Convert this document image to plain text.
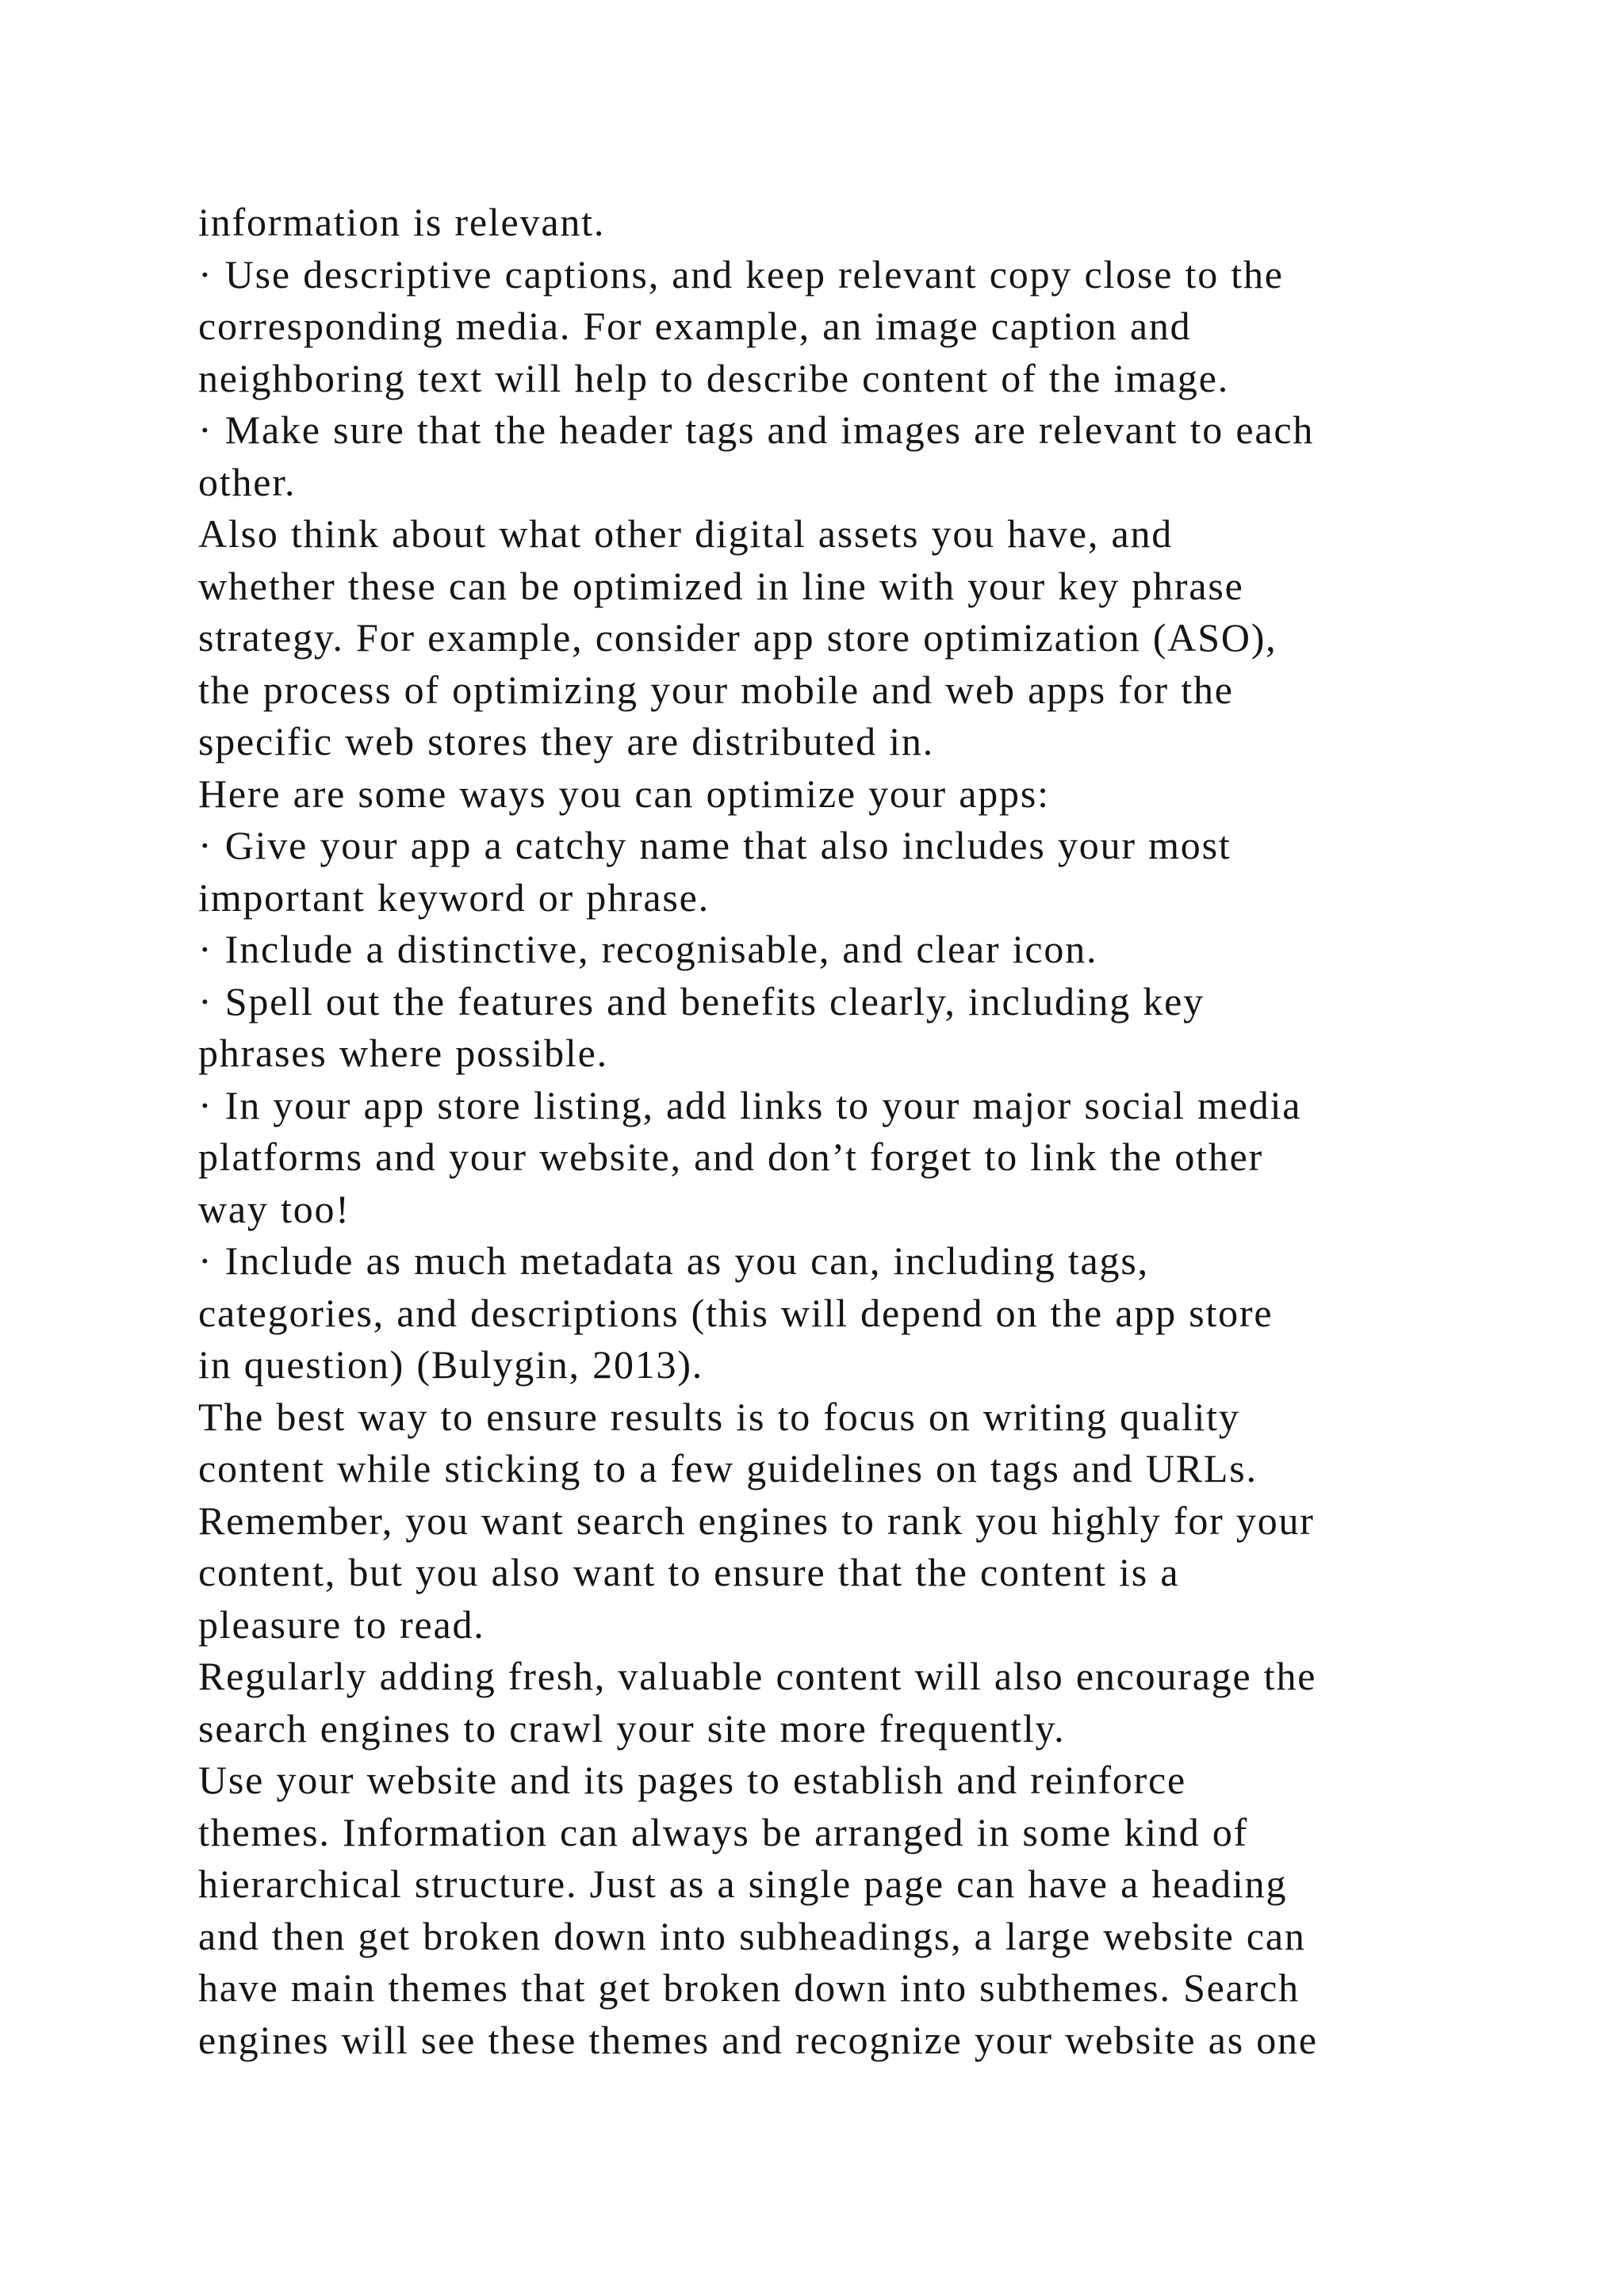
information is relevant.
· Use descriptive captions, and keep relevant copy close to the
corresponding media. For example, an image caption and
neighboring text will help to describe content of the image.
· Make sure that the header tags and images are relevant to each
other.
Also think about what other digital assets you have, and
whether these can be optimized in line with your key phrase
strategy. For example, consider app store optimization (ASO),
the process of optimizing your mobile and web apps for the
specific web stores they are distributed in.
Here are some ways you can optimize your apps:
· Give your app a catchy name that also includes your most
important keyword or phrase.
· Include a distinctive, recognisable, and clear icon.
· Spell out the features and benefits clearly, including key
phrases where possible.
· In your app store listing, add links to your major social media
platforms and your website, and don’t forget to link the other
way too!
· Include as much metadata as you can, including tags,
categories, and descriptions (this will depend on the app store
in question) (Bulygin, 2013).
The best way to ensure results is to focus on writing quality
content while sticking to a few guidelines on tags and URLs.
Remember, you want search engines to rank you highly for your
content, but you also want to ensure that the content is a
pleasure to read.
Regularly adding fresh, valuable content will also encourage the
search engines to crawl your site more frequently.
Use your website and its pages to establish and reinforce
themes. Information can always be arranged in some kind of
hierarchical structure. Just as a single page can have a heading
and then get broken down into subheadings, a large website can
have main themes that get broken down into subthemes. Search
engines will see these themes and recognize your website as one
